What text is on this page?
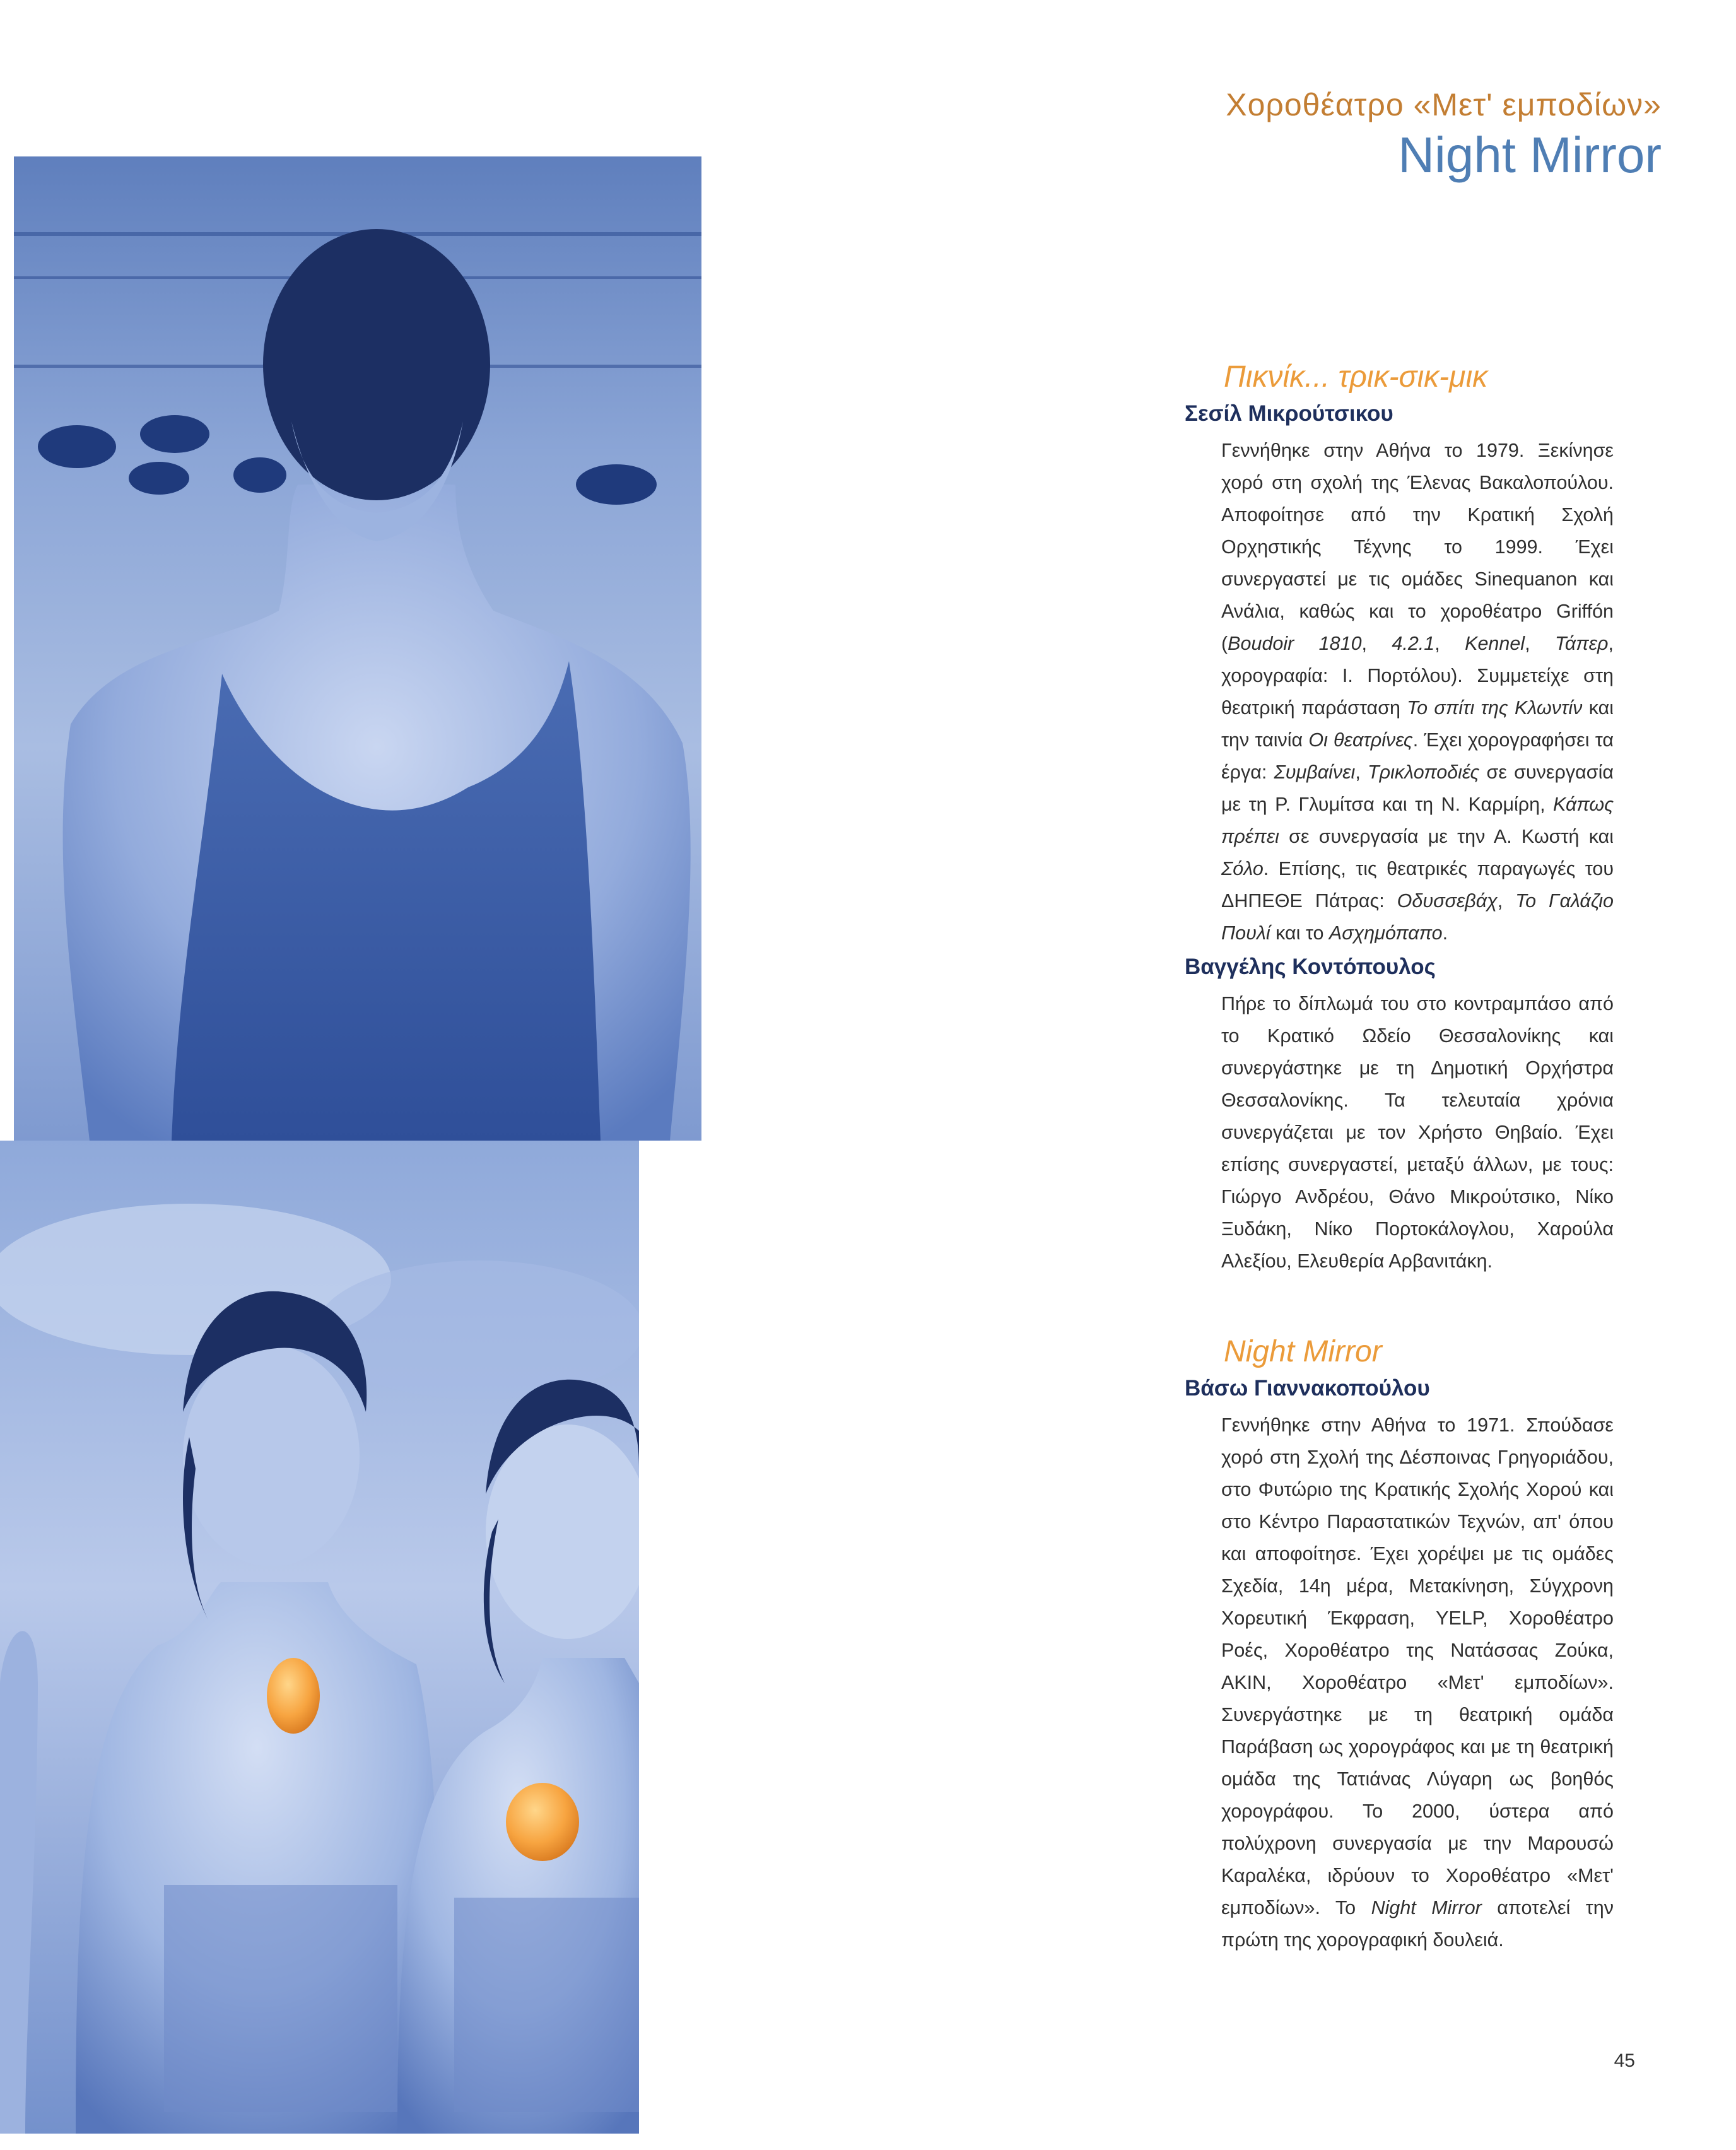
Χοροθέατρο «Μετ' εμποδίων»
Night Mirror
Πικνίκ... τρικ-σικ-μικ
Σεσίλ Μικρούτσικου
Γεννήθηκε στην Αθήνα το 1979. Ξεκίνησε χορό στη σχολή της Έλενας Βακαλοπούλου. Αποφοίτησε από την Κρατική Σχολή Ορχηστικής Τέχνης το 1999. Έχει συνεργαστεί με τις ομάδες Sinequanon και Ανάλια, καθώς και το χοροθέατρο Griffón (Boudoir 1810, 4.2.1, Kennel, Τάπερ, χορογραφία: Ι. Πορτόλου). Συμμετείχε στη θεατρική παράσταση Το σπίτι της Κλωντίν και την ταινία Οι θεατρίνες. Έχει χορογραφήσει τα έργα: Συμβαίνει, Τρικλοποδιές σε συνεργασία με τη Ρ. Γλυμίτσα και τη Ν. Καρμίρη, Κάπως πρέπει σε συνεργασία με την Α. Κωστή και Σόλο. Επίσης, τις θεατρικές παραγωγές του ΔΗΠΕΘΕ Πάτρας: Οδυσσεβάχ, Το Γαλάζιο Πουλί και το Ασχημόπαπο.
Βαγγέλης Κοντόπουλος
Πήρε το δίπλωμά του στο κοντραμπάσο από το Κρατικό Ωδείο Θεσσαλονίκης και συνεργάστηκε με τη Δημοτική Ορχήστρα Θεσσαλονίκης. Τα τελευταία χρόνια συνεργάζεται με τον Χρήστο Θηβαίο. Έχει επίσης συνεργαστεί, μεταξύ άλλων, με τους: Γιώργο Ανδρέου, Θάνο Μικρούτσικο, Νίκο Ξυδάκη, Νίκο Πορτοκάλογλου, Χαρούλα Αλεξίου, Ελευθερία Αρβανιτάκη.
Night Mirror
Βάσω Γιαννακοπούλου
Γεννήθηκε στην Αθήνα το 1971. Σπούδασε χορό στη Σχολή της Δέσποινας Γρηγοριάδου, στο Φυτώριο της Κρατικής Σχολής Χορού και στο Κέντρο Παραστατικών Τεχνών, απ' όπου και αποφοίτησε. Έχει χορέψει με τις ομάδες Σχεδία, 14η μέρα, Μετακίνηση, Σύγχρονη Χορευτική Έκφραση, YELP, Χοροθέατρο Ροές, Χοροθέατρο της Νατάσσας Ζούκα, ΑΚΙΝ, Χοροθέατρο «Μετ' εμποδίων». Συνεργάστηκε με τη θεατρική ομάδα Παράβαση ως χορογράφος και με τη θεατρική ομάδα της Τατιάνας Λύγαρη ως βοηθός χορογράφου. Το 2000, ύστερα από πολύχρονη συνεργασία με την Μαρουσώ Καραλέκα, ιδρύουν το Χοροθέατρο «Μετ' εμποδίων». Το Night Mirror αποτελεί την πρώτη της χορογραφική δουλειά.
45
